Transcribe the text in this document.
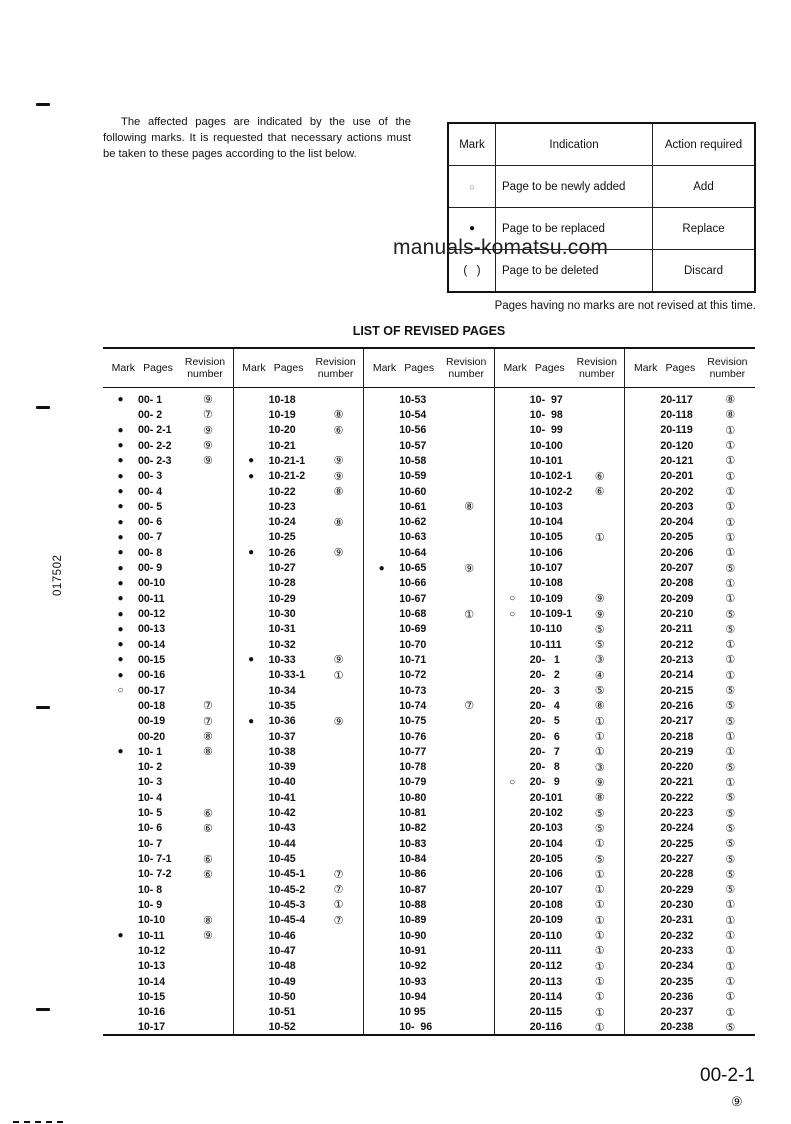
017502

The affected pages are indicated by the use of the following marks. It is requested that necessary actions must be taken to these pages according to the list below.

Mark	Indication	Action required
○	Page to be newly added	Add
●	Page to be replaced	Replace
(   )	Page to be deleted	Discard
manuals-komatsu.com
Pages having no marks are not revised at this time.
LIST OF REVISED PAGES
Mark Pages	Revision number
●	00- 1	⑨
00- 2	⑦
●	00- 2-1	⑨
●	00- 2-2	⑨
●	00- 2-3	⑨
●	00- 3
●	00- 4
●	00- 5
●	00- 6
●	00- 7
●	00- 8
●	00- 9
●	00-10
●	00-11
●	00-12
●	00-13
●	00-14
●	00-15
●	00-16
○	00-17
00-18	⑦
00-19	⑦
00-20	⑧
●	10- 1	⑧
10- 2
10- 3
10- 4
10- 5	⑥
10- 6	⑥
10- 7
10- 7-1	⑥
10- 7-2	⑥
10- 8
10- 9
10-10	⑧
●	10-11	⑨
10-12
10-13
10-14
10-15
10-16
10-17
Mark Pages	Revision number
10-18
10-19	⑧
10-20	⑥
10-21
●	10-21-1	⑨
●	10-21-2	⑨
10-22	⑧
10-23
10-24	⑧
10-25
●	10-26	⑨
10-27
10-28
10-29
10-30
10-31
10-32
●	10-33	⑨
10-33-1	①
10-34
10-35
●	10-36	⑨
10-37
10-38
10-39
10-40
10-41
10-42
10-43
10-44
10-45
10-45-1	⑦
10-45-2	⑦
10-45-3	①
10-45-4	⑦
10-46
10-47
10-48
10-49
10-50
10-51
10-52
Mark Pages	Revision number
10-53
10-54
10-56
10-57
10-58
10-59
10-60
10-61	⑧
10-62
10-63
10-64
●	10-65	⑨
10-66
10-67
10-68	①
10-69
10-70
10-71
10-72
10-73
10-74	⑦
10-75
10-76
10-77
10-78
10-79
10-80
10-81
10-82
10-83
10-84
10-86
10-87
10-88
10-89
10-90
10-91
10-92
10-93
10-94
10 95
10-  96
Mark Pages	Revision number
10-  97
10-  98
10-  99
10-100
10-101
10-102-1	⑥
10-102-2	⑥
10-103
10-104
10-105	①
10-106
10-107
10-108
○	10-109	⑨
○	10-109-1	⑨
10-110	⑤
10-111	⑤
20-   1	③
20-   2	④
20-   3	⑤
20-   4	⑧
20-   5	①
20-   6	①
20-   7	①
20-   8	③
○	20-   9	⑨
20-101	⑧
20-102	⑤
20-103	⑤
20-104	①
20-105	⑤
20-106	①
20-107	①
20-108	①
20-109	①
20-110	①
20-111	①
20-112	①
20-113	①
20-114	①
20-115	①
20-116	①
Mark Pages	Revision number
20-117	⑧
20-118	⑧
20-119	①
20-120	①
20-121	①
20-201	①
20-202	①
20-203	①
20-204	①
20-205	①
20-206	①
20-207	⑤
20-208	①
20-209	①
20-210	⑤
20-211	⑤
20-212	①
20-213	①
20-214	①
20-215	⑤
20-216	⑤
20-217	⑤
20-218	①
20-219	①
20-220	⑤
20-221	①
20-222	⑤
20-223	⑤
20-224	⑤
20-225	⑤
20-227	⑤
20-228	⑤
20-229	⑤
20-230	①
20-231	①
20-232	①
20-233	①
20-234	①
20-235	①
20-236	①
20-237	①
20-238	⑤
00-2-1
⑨
